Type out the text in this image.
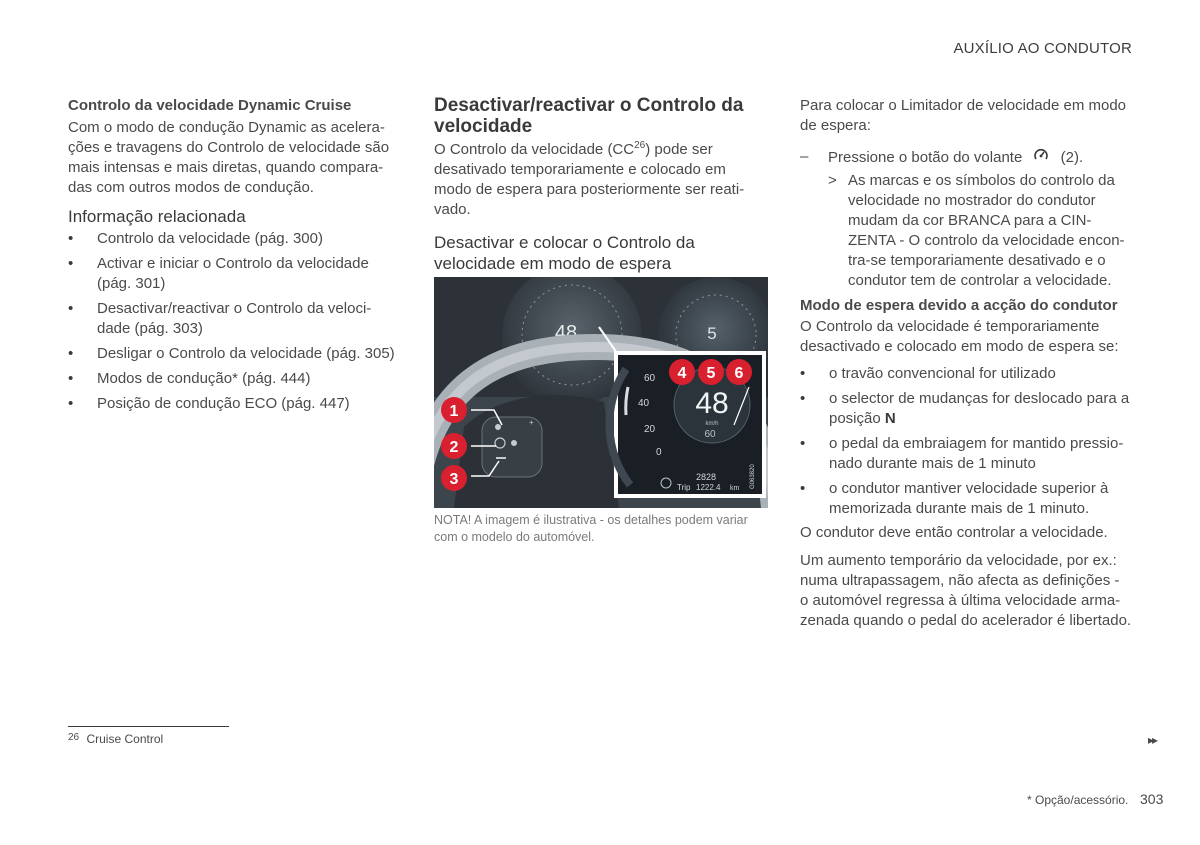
AUXÍLIO AO CONDUTOR
Controlo da velocidade Dynamic Cruise
Com o modo de condução Dynamic as acelera-
ções e travagens do Controlo de velocidade são
mais intensas e mais diretas, quando compara-
das com outros modos de condução.
Informação relacionada
• Controlo da velocidade (pág. 300)
• Activar e iniciar o Controlo da velocidade
(pág. 301)
• Desactivar/reactivar o Controlo da veloci-
dade (pág. 303)
• Desligar o Controlo da velocidade (pág. 305)
• Modos de condução* (pág. 444)
• Posição de condução ECO (pág. 447)
Desactivar/reactivar o Controlo da
velocidade
O Controlo da velocidade (CC$^{26}$) pode ser
desativado temporariamente e colocado em
modo de espera para posteriormente ser reati-
vado.
Desactivar e colocar o Controlo da
velocidade em modo de espera
48	5
+
60
40
20
0
48
km/h
60
2828
Trip 1222.4 km G063820
1
2
3
4 5 6
NOTA! A imagem é ilustrativa - os detalhes podem variar
com o modelo do automóvel.
Para colocar o Limitador de velocidade em modo
de espera:
– Pressione o botão do volante	(2).
> As marcas e os símbolos do controlo da
velocidade no mostrador do condutor
mudam da cor BRANCA para a CIN-
ZENTA - O controlo da velocidade encon-
tra-se temporariamente desativado e o
condutor tem de controlar a velocidade.
Modo de espera devido a acção do condutor
O Controlo da velocidade é temporariamente
desactivado e colocado em modo de espera se:
• o travão convencional for utilizado
• o selector de mudanças for deslocado para a
posição N
• o pedal da embraiagem for mantido pressio-
nado durante mais de 1 minuto
• o condutor mantiver velocidade superior à
memorizada durante mais de 1 minuto.
O condutor deve então controlar a velocidade.
Um aumento temporário da velocidade, por ex.:
numa ultrapassagem, não afecta as definições -
o automóvel regressa à última velocidade arma-
zenada quando o pedal do acelerador é libertado.
$^{26}$ Cruise Control	▸▸
* Opção/acessório. 303
